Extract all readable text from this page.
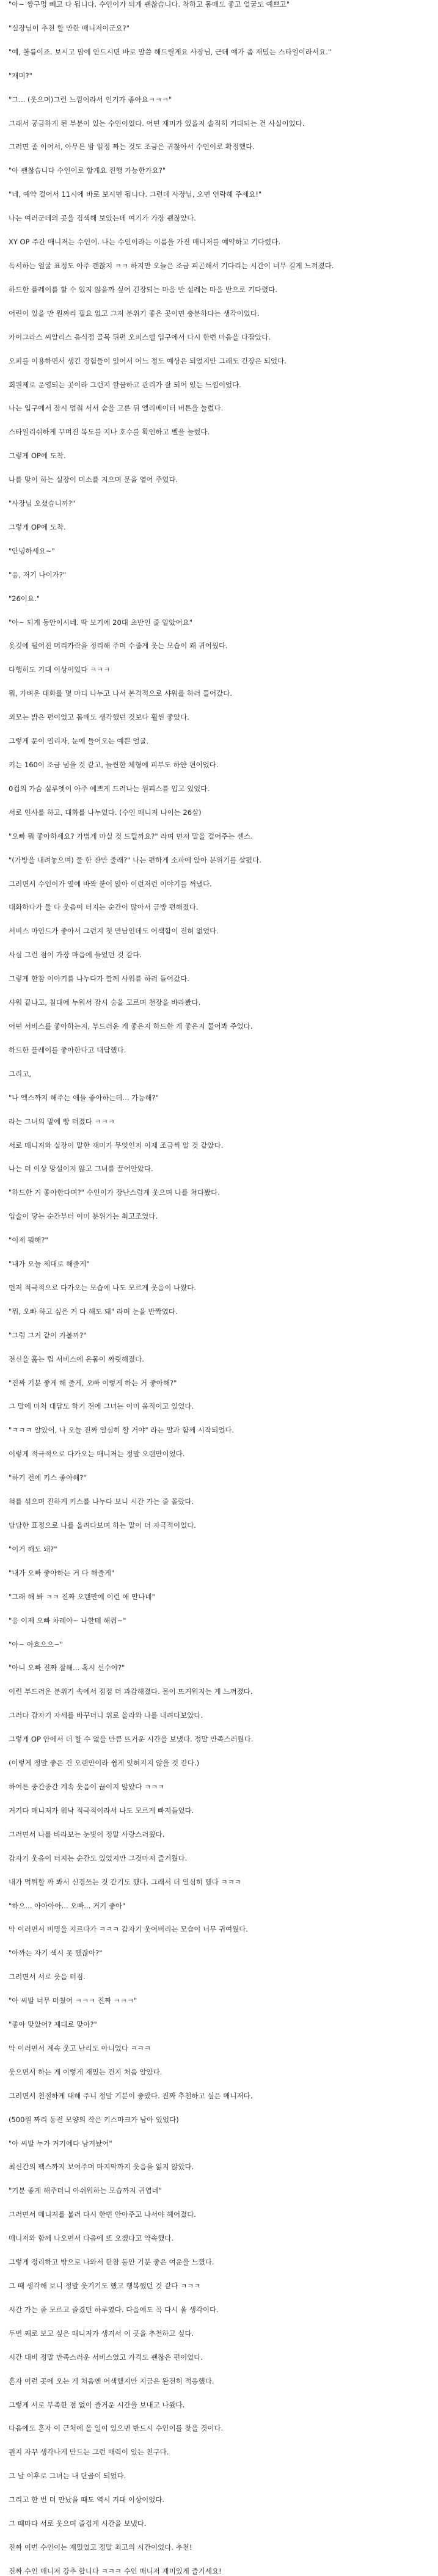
"아~ 쌍구멍 빼고 다 됩니다. 수인이가 되게 괜찮습니다. 착하고 몸매도 좋고 얼굴도 예쁘고"
"실장님이 추천 할 만한 매니저이군요?"
"예, 볼륨이죠. 보시고 맘에 안드시면 바로 말씀 해드릴게요 사장님, 근데 얘가 좀 재밌는 스타일이라서요."
"재미?"
"그... (웃으며)그런 느낌이라서 인기가 좋아요ㅋㅋㅋ"
그래서 궁금하게 된 부분이 있는 수인이었다. 어떤 재미가 있을지 솔직히 기대되는 건 사실이었다.
그러면 좀 이어서, 아무튼 밤 일정 짜는 것도 조금은 귀찮아서 수인이로 확정했다.
"아 괜찮습니다 수인이로 할게요 진행 가능한가요?"
"네, 예약 걸어서 11시에 바로 보시면 됩니다. 그런데 사장님, 오면 연락해 주세요!"
나는 여러군데의 곳을 검색해 보았는데 여기가 가장 괜찮았다.
XY OP 주간 매니저는 수인이. 나는 수인이라는 이름을 가진 매니저를 예약하고 기다렸다.
독서하는 얼굴 표정도 아주 괜찮지 ㅋㅋ 하지만 오늘은 조금 피곤해서 기다리는 시간이 너무 길게 느껴졌다.
하드한 플레이를 할 수 있지 않을까 싶어 긴장되는 마음 반 설레는 마음 반으로 기다렸다.
어린이 있을 만 원짜리 필요 없고 그저 분위기 좋은 곳이면 충분하다는 생각이었다.
카이그라스 씨알리스 음식점 골목 뒤편 오피스텔 입구에서 다시 한번 마음을 다잡았다.
오피를 이용하면서 생긴 경험들이 있어서 어느 정도 예상은 되었지만 그래도 긴장은 되었다.
회원제로 운영되는 곳이라 그런지 깔끔하고 관리가 잘 되어 있는 느낌이었다.
나는 입구에서 잠시 멈춰 서서 숨을 고른 뒤 엘리베이터 버튼을 눌렀다.
스타일리쉬하게 꾸며진 복도를 지나 호수를 확인하고 벨을 눌렀다.
그렇게 OP에 도착.
나를 맞이 하는 실장이 미소를 지으며 문을 열어 주었다.
"사장님 오셨습니까?"
그렇게 OP에 도착.
"안녕하세요~"
"응, 저기 나이가?"
"26이요."
"아~ 되게 동안이시네. 딱 보기에 20대 초반인 줄 알았어요"
옷깃에 떨어진 머리카락을 정리해 주며 수줍게 웃는 모습이 꽤 귀여웠다.
다행히도 기대 이상이었다 ㅋㅋㅋ
뭐, 가벼운 대화를 몇 마디 나누고 나서 본격적으로 샤워를 하러 들어갔다.
외모는 밝은 편이었고 몸매도 생각했던 것보다 훨씬 좋았다.
그렇게 문이 열리자, 눈에 들어오는 예쁜 얼굴.
키는 160이 조금 넘을 것 같고, 늘씬한 체형에 피부도 하얀 편이었다.
0컵의 가슴 실루엣이 아주 예쁘게 드러나는 원피스를 입고 있었다.
서로 인사를 하고, 대화를 나누었다. (수인 매니저 나이는 26살)
"오빠 뭐 좋아하세요? 가볍게 마실 것 드릴까요?" 라며 먼저 말을 걸어주는 센스.
"(가방을 내려놓으며) 물 한 잔만 줄래?" 나는 편하게 소파에 앉아 분위기를 살폈다.
그러면서 수인이가 옆에 바짝 붙어 앉아 이런저런 이야기를 꺼냈다.
대화하다가 둘 다 웃음이 터지는 순간이 많아서 금방 편해졌다.
서비스 마인드가 좋아서 그런지 첫 만남인데도 어색함이 전혀 없었다.
사실 그런 점이 가장 마음에 들었던 것 같다.
그렇게 한참 이야기를 나누다가 함께 샤워를 하러 들어갔다.
샤워 끝나고, 침대에 누워서 잠시 숨을 고르며 천장을 바라봤다.
어떤 서비스를 좋아하는지, 부드러운 게 좋은지 하드한 게 좋은지 물어봐 주었다.
하드한 플레이를 좋아한다고 대답했다.
그리고,
"나 엑스까지 해주는 애들 좋아하는데... 가능해?"
라는 그녀의 말에 빵 터졌다 ㅋㅋㅋ
서로 매니저와 실장이 말한 재미가 무엇인지 이제 조금씩 알 것 같았다.
나는 더 이상 망설이지 않고 그녀를 끌어안았다.
"하드한 거 좋아한다며?" 수인이가 장난스럽게 웃으며 나를 쳐다봤다.
입술이 닿는 순간부터 이미 분위기는 최고조였다.
"이제 뭐해?"
"내가 오늘 제대로 해줄게"
먼저 적극적으로 다가오는 모습에 나도 모르게 웃음이 나왔다.
"뭐, 오빠 하고 싶은 거 다 해도 돼" 라며 눈을 반짝였다.
"그럼 그거 같이 가볼까?"
전신을 훑는 립 서비스에 온몸이 짜릿해졌다.
"진짜 기분 좋게 해 줄게, 오빠 이렇게 하는 거 좋아해?"
그 말에 미처 대답도 하기 전에 그녀는 이미 움직이고 있었다.
"ㅋㅋㅋ 알았어, 나 오늘 진짜 열심히 할 거야" 라는 말과 함께 시작되었다.
이렇게 적극적으로 다가오는 매니저는 정말 오랜만이었다.
"하기 전에 키스 좋아해?"
혀를 섞으며 진하게 키스를 나누다 보니 시간 가는 줄 몰랐다.
담담한 표정으로 나를 올려다보며 하는 말이 더 자극적이었다.
"이거 해도 돼?"
"내가 오빠 좋아하는 거 다 해줄게"
"그래 해 봐 ㅋㅋ 진짜 오랜만에 이런 애 만나네"
"응 이제 오빠 차례야~ 나한테 해줘~"
"아~ 아흐으으~"
"아니 오빠 진짜 잘해... 혹시 선수야?"
이런 부드러운 분위기 속에서 점점 더 과감해졌다. 몸이 뜨거워지는 게 느껴졌다.
그러다 갑자기 자세를 바꾸더니 위로 올라와 나를 내려다보았다.
그렇게 OP 안에서 더 할 수 없을 만큼 뜨거운 시간을 보냈다. 정말 만족스러웠다.
(이렇게 정말 좋은 건 오랜만이라 쉽게 잊혀지지 않을 것 같다.)
하여튼 중간중간 계속 웃음이 끊이지 않았다 ㅋㅋㅋ
거기다 매니저가 워낙 적극적이라서 나도 모르게 빠져들었다.
그러면서 나를 바라보는 눈빛이 정말 사랑스러웠다.
갑자기 웃음이 터지는 순간도 있었지만 그것마저 즐거웠다.
내가 먹튀할 까 봐서 신경쓰는 것 같기도 했다. 그래서 더 열심히 했다 ㅋㅋㅋ
"하으... 아아아아... 오빠... 거기 좋아"
막 이러면서 비명을 지르다가 ㅋㅋㅋ 갑자기 웃어버리는 모습이 너무 귀여웠다.
"아까는 자기 색시 못 했잖아?"
그러면서 서로 웃음 터짐.
"아 씨발 너무 미쳤어 ㅋㅋㅋ 진짜 ㅋㅋㅋ"
"좋아 맞았어? 제대로 맞아?"
막 이러면서 계속 웃고 난리도 아니었다 ㅋㅋㅋ
웃으면서 하는 게 이렇게 재밌는 건지 처음 알았다.
그러면서 친절하게 대해 주니 정말 기분이 좋았다. 진짜 추천하고 싶은 매니저다.
(500원 짜리 동전 모양의 작은 키스마크가 남아 있었다)
"아 씨발 누가 거기에다 남겨놨어"
최신간의 팩스까지 보여주며 마지막까지 웃음을 잃지 않았다.
"기분 좋게 해주더니 아쉬워하는 모습까지 귀엽네"
그러면서 매니저를 불러 다시 한번 안아주고 나서야 헤어졌다.
매니저와 함께 나오면서 다음에 또 오겠다고 약속했다.
그렇게 정리하고 밖으로 나와서 한참 동안 기분 좋은 여운을 느꼈다.
그 때 생각해 보니 정말 웃기기도 했고 행복했던 것 같다 ㅋㅋㅋ
시간 가는 줄 모르고 즐겼던 하루였다. 다음에도 꼭 다시 올 생각이다.
두번 째로 보고 싶은 매니저가 생겨서 이 곳을 추천하고 싶다.
시간 대비 정말 만족스러운 서비스였고 가격도 괜찮은 편이었다.
혼자 이런 곳에 오는 게 처음엔 어색했지만 지금은 완전히 적응했다.
그렇게 서로 부족한 점 없이 즐거운 시간을 보내고 나왔다.
다음에도 혼자 이 근처에 올 일이 있으면 반드시 수인이를 찾을 것이다.
뭔지 자꾸 생각나게 만드는 그런 매력이 있는 친구다.
그 날 이후로 그녀는 내 단골이 되었다.
그리고 한 번 더 만났을 때도 역시 기대 이상이었다.
그 때마다 서로 웃으며 즐겁게 시간을 보냈다.
진짜 이번 수인이는 재밌었고 정말 최고의 시간이었다. 추천!
진짜 수인 매니저 강추 합니다 ㅋㅋㅋ 수인 매니저 재미있게 즐기세요!
